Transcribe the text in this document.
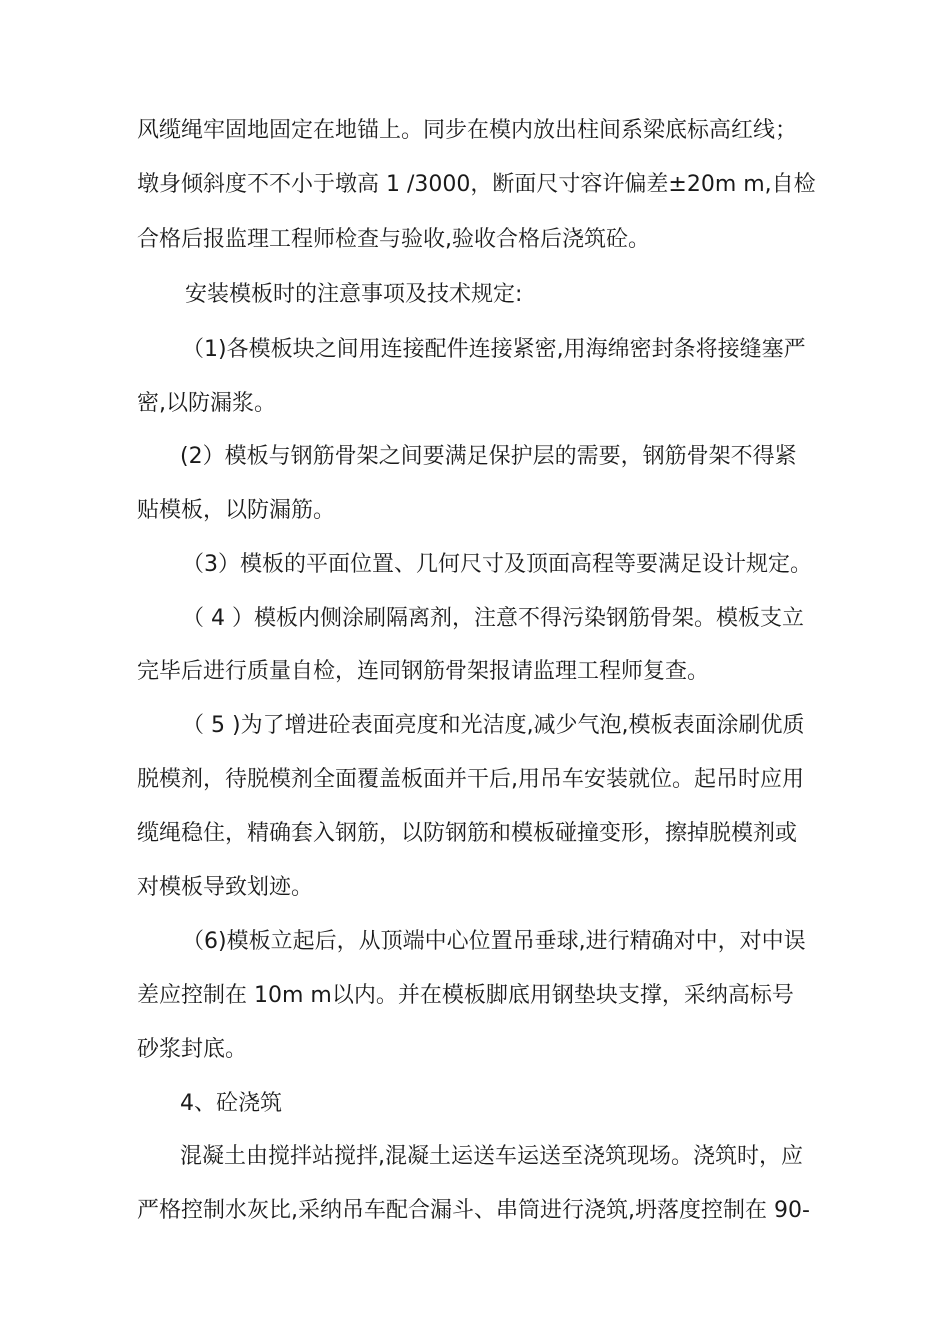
风缆绳牢固地固定在地锚上。同步在模内放出柱间系梁底标高红线；
墩身倾斜度不不小于墩高 1 /3000，断面尺寸容许偏差±20m m,自检
合格后报监理工程师检查与验收,验收合格后浇筑砼。
安装模板时的注意事项及技术规定:
（1)各模板块之间用连接配件连接紧密,用海绵密封条将接缝塞严
密,以防漏浆。
(2）模板与钢筋骨架之间要满足保护层的需要，钢筋骨架不得紧
贴模板，以防漏筋。
（3）模板的平面位置、几何尺寸及顶面高程等要满足设计规定。
（ 4 ）模板内侧涂刷隔离剂，注意不得污染钢筋骨架。模板支立
完毕后进行质量自检，连同钢筋骨架报请监理工程师复查。
（ 5 )为了增进砼表面亮度和光洁度,减少气泡,模板表面涂刷优质
脱模剂，待脱模剂全面覆盖板面并干后,用吊车安装就位。起吊时应用
缆绳稳住，精确套入钢筋，以防钢筋和模板碰撞变形，擦掉脱模剂或
对模板导致划迹。
（6)模板立起后，从顶端中心位置吊垂球,进行精确对中，对中误
差应控制在 10m m以内。并在模板脚底用钢垫块支撑，采纳高标号
砂浆封底。
4、砼浇筑
混凝土由搅拌站搅拌,混凝土运送车运送至浇筑现场。浇筑时，应
严格控制水灰比,采纳吊车配合漏斗、串筒进行浇筑,坍落度控制在 90-
